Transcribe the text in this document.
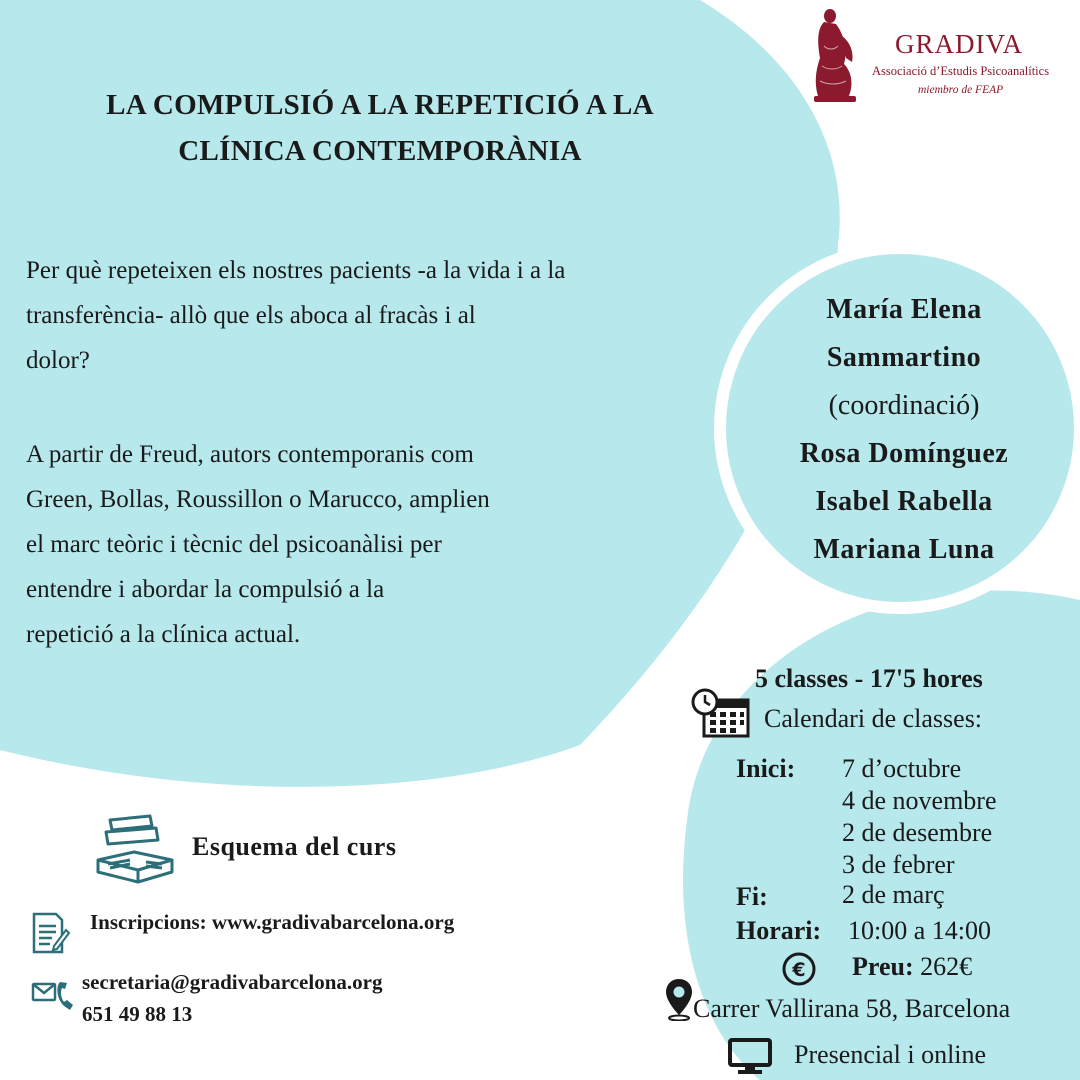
GRADIVA
Associació d’Estudis Psicoanalítics
miembro de FEAP
LA COMPULSIÓ A LA REPETICIÓ A LA
CLÍNICA CONTEMPORÀNIA
Per què repeteixen els nostres pacients -a la vida i a la
transferència- allò que els aboca al fracàs i al
dolor?
A partir de Freud, autors contemporanis com
Green, Bollas, Roussillon o Marucco, amplien
el marc teòric i tècnic del psicoanàlisi per
entendre i abordar la compulsió a la
repetició a la clínica actual.
María Elena
Sammartino
(coordinació)
Rosa Domínguez
Isabel Rabella
Mariana Luna
5 classes - 17'5 hores
Calendari de classes:
Inici: 7 d’octubre
4 de novembre
2 de desembre
3 de febrer
Fi:	2 de març
Horari: 10:00 a 14:00
€ Preu: 262€
Carrer Vallirana 58, Barcelona
Presencial i online
Esquema del curs
Inscripcions: www.gradivabarcelona.org
secretaria@gradivabarcelona.org
651 49 88 13
